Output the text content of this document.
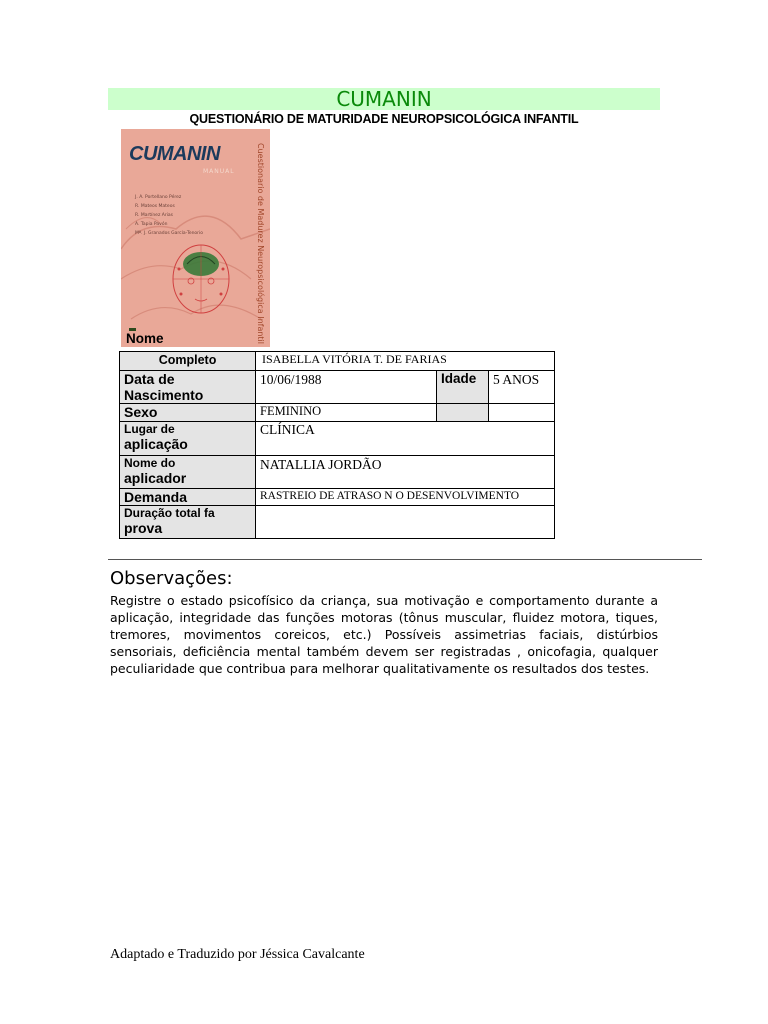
CUMANIN
QUESTIONÁRIO DE MATURIDADE NEUROPSICOLÓGICA INFANTIL
CUMANIN
MANUAL
J. A. Portellano Pérez
R. Mateos Mateos
R. Martínez Arias
A. Tapia Pavón
Mª. J. Granados García-Tenorio	Cuestionario de Madurez Neuropsicológica Infantil
Nome
Completo	ISABELLA VITÓRIA T. DE FARIAS		

Data de
Nascimento	10/06/1988	Idade	5 ANOS
Sexo	FEMININO		

Lugar de
aplicação	CLÍNICA		

Nome do
aplicador	NATALLIA JORDÃO		
Demanda	RASTREIO DE ATRASO N O DESENVOLVIMENTO		

Duração total fa
prova			

Observações:
Registre o estado psicofísico da criança, sua motivação e comportamento durante a aplicação, integridade das funções motoras (tônus muscular, fluidez motora, tiques, tremores, movimentos coreicos, etc.) Possíveis assimetrias faciais, distúrbios sensoriais, deficiência mental também devem ser registradas , onicofagia, qualquer peculiaridade que contribua para melhorar qualitativamente os resultados dos testes.
Adaptado e Traduzido por Jéssica Cavalcante
